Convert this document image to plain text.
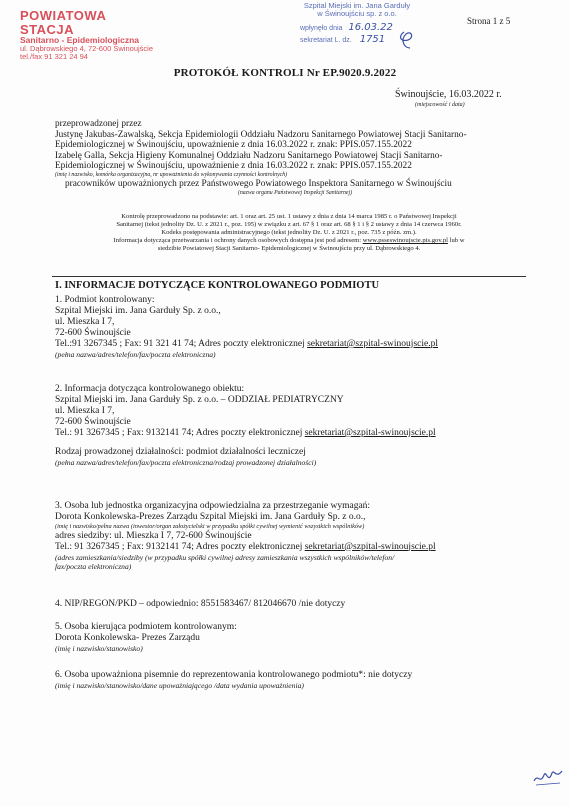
POWIATOWA STACJA
Sanitarno - Epidemiologiczna
ul. Dąbrowskiego 4, 72-600 Świnoujście
tel./fax 91 321 24 94
Szpital Miejski im. Jana Garduły
w Świnoujściu sp. z o.o.
wpłynęło dnia 16.03.22
sekretariat L. dz. 1751
Strona 1 z 5
PROTOKÓŁ KONTROLI Nr EP.9020.9.2022
Świnoujście, 16.03.2022 r.
(miejscowość i data)
przeprowadzonej przez
Justynę Jakubas-Zawalską, Sekcja Epidemiologii Oddziału Nadzoru Sanitarnego Powiatowej Stacji Sanitarno-
Epidemiologicznej w Świnoujściu, upoważnienie z dnia 16.03.2022 r. znak: PPIS.057.155.2022
Izabelę Galla, Sekcja Higieny Komunalnej Oddziału Nadzoru Sanitarnego Powiatowej Stacji Sanitarno-
Epidemiologicznej w Świnoujściu, upoważnienie z dnia 16.03.2022 r. znak: PPIS.057.155.2022
(imię i nazwisko, komórka organizacyjna, nr upoważnienia do wykonywania czynności kontrolnych)
pracowników upoważnionych przez Państwowego Powiatowego Inspektora Sanitarnego w Świnoujściu
(nazwa organu Państwowej Inspekcji Sanitarnej)
Kontrolę przeprowadzono na podstawie: art. 1 oraz art. 25 ust. 1 ustawy z dnia z dnia 14 marca 1985 r. o Państwowej Inspekcji
Sanitarnej (tekst jednolity Dz. U. z 2021 r., poz. 195) w związku z art. 67 § 1 oraz art. 68 § 1 i § 2 ustawy z dnia 14 czerwca 1960r.
Kodeks postępowania administracyjnego (tekst jednolity Dz. U. z 2021 r., poz. 735 z późn. zm.).
Informacja dotycząca przetwarzania i ochrony danych osobowych dostępna jest pod adresem: www.psseswinoujscie.pis.gov.pl lub w
siedzibie Powiatowej Stacji Sanitarno- Epidemiologicznej w Świnoujściu przy ul. Dąbrowskiego 4.
I. INFORMACJE DOTYCZĄCE KONTROLOWANEGO PODMIOTU
1. Podmiot kontrolowany:
Szpital Miejski im. Jana Garduły Sp. z o.o.,
ul. Mieszka I 7,
72-600 Świnoujście
Tel.:91 3267345 ; Fax: 91 321 41 74; Adres poczty elektronicznej sekretariat@szpital-swinoujscie.pl
(pełna nazwa/adres/telefon/fax/poczta elektroniczna)
2. Informacja dotycząca kontrolowanego obiektu:
Szpital Miejski im. Jana Garduły Sp. z o.o. – ODDZIAŁ PEDIATRYCZNY
ul. Mieszka I 7,
72-600 Świnoujście
Tel.: 91 3267345 ; Fax: 9132141 74; Adres poczty elektronicznej sekretariat@szpital-swinoujscie.pl
Rodzaj prowadzonej działalności: podmiot działalności leczniczej
(pełna nazwa/adres/telefon/fax/poczta elektroniczna/rodzaj prowadzonej działalności)
3. Osoba lub jednostka organizacyjna odpowiedzialna za przestrzeganie wymagań:
Dorota Konkolewska-Prezes Zarządu Szpital Miejski im. Jana Garduły Sp. z o.o.,
(imię i nazwisko/pełna nazwa (inwestor/organ założycielski w przypadku spółki cywilnej wymienić wszystkich wspólników)
adres siedziby: ul. Mieszka I 7, 72-600 Świnoujście
Tel.: 91 3267345 ; Fax: 9132141 74; Adres poczty elektronicznej sekretariat@szpital-swinoujscie.pl
(adres zamieszkania/siedziby (w przypadku spółki cywilnej adresy zamieszkania wszystkich wspólników/telefon/
fax/poczta elektroniczna)
4. NIP/REGON/PKD – odpowiednio: 8551583467/ 812046670 /nie dotyczy
5. Osoba kierująca podmiotem kontrolowanym:
Dorota Konkolewska- Prezes Zarządu
(imię i nazwisko/stanowisko)
6. Osoba upoważniona pisemnie do reprezentowania kontrolowanego podmiotu*: nie dotyczy
(imię i nazwisko/stanowisko/dane upoważniającego /data wydania upoważnienia)
